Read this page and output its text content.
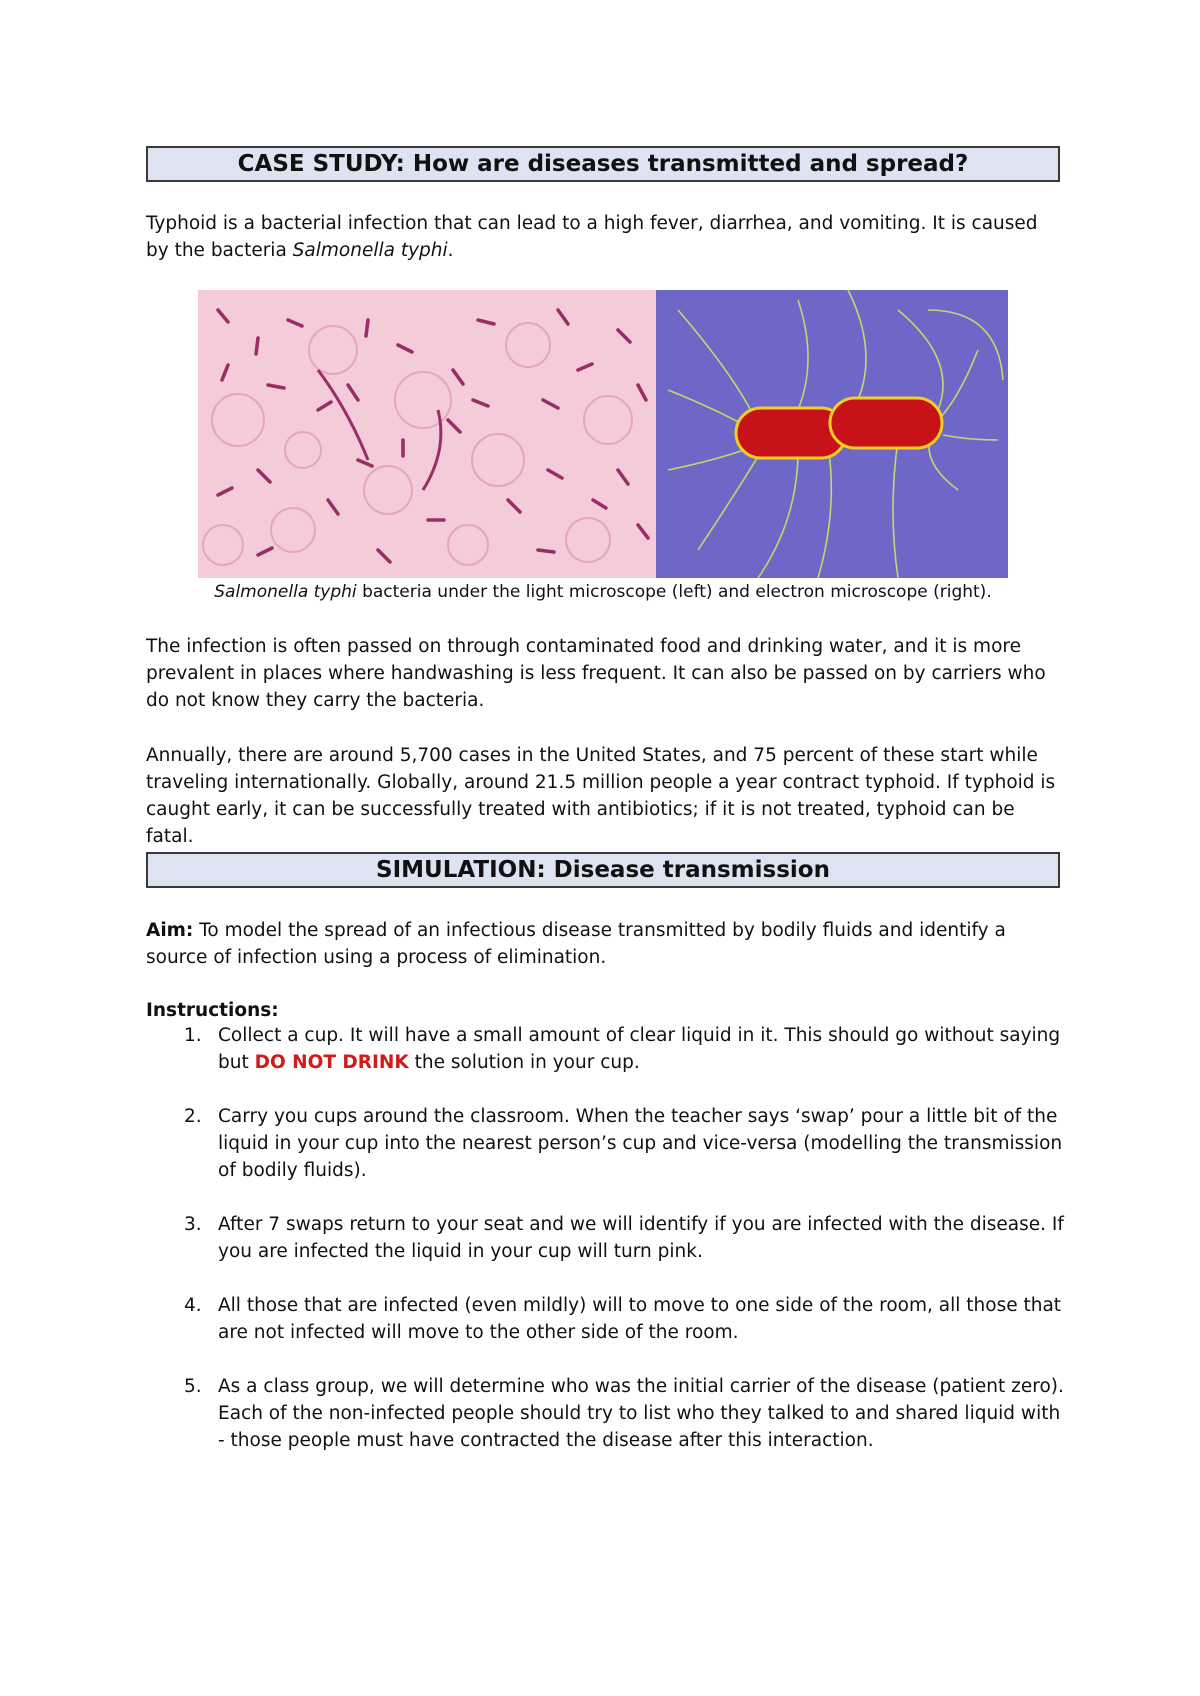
CASE STUDY: How are diseases transmitted and spread?

Typhoid is a bacterial infection that can lead to a high fever, diarrhea, and vomiting. It is caused by the bacteria Salmonella typhi.

Salmonella typhi bacteria under the light microscope (left) and electron microscope (right).

The infection is often passed on through contaminated food and drinking water, and it is more prevalent in places where handwashing is less frequent. It can also be passed on by carriers who do not know they carry the bacteria.

Annually, there are around 5,700 cases in the United States, and 75 percent of these start while traveling internationally. Globally, around 21.5 million people a year contract typhoid. If typhoid is caught early, it can be successfully treated with antibiotics; if it is not treated, typhoid can be fatal.

SIMULATION: Disease transmission

Aim: To model the spread of an infectious disease transmitted by bodily fluids and identify a source of infection using a process of elimination.

Instructions:

1. Collect a cup. It will have a small amount of clear liquid in it. This should go without saying but DO NOT DRINK the solution in your cup.
2. Carry you cups around the classroom. When the teacher says ‘swap’ pour a little bit of the liquid in your cup into the nearest person’s cup and vice-versa (modelling the transmission of bodily fluids).
3. After 7 swaps return to your seat and we will identify if you are infected with the disease. If you are infected the liquid in your cup will turn pink.
4. All those that are infected (even mildly) will to move to one side of the room, all those that are not infected will move to the other side of the room.
5. As a class group, we will determine who was the initial carrier of the disease (patient zero). Each of the non-infected people should try to list who they talked to and shared liquid with - those people must have contracted the disease after this interaction.
